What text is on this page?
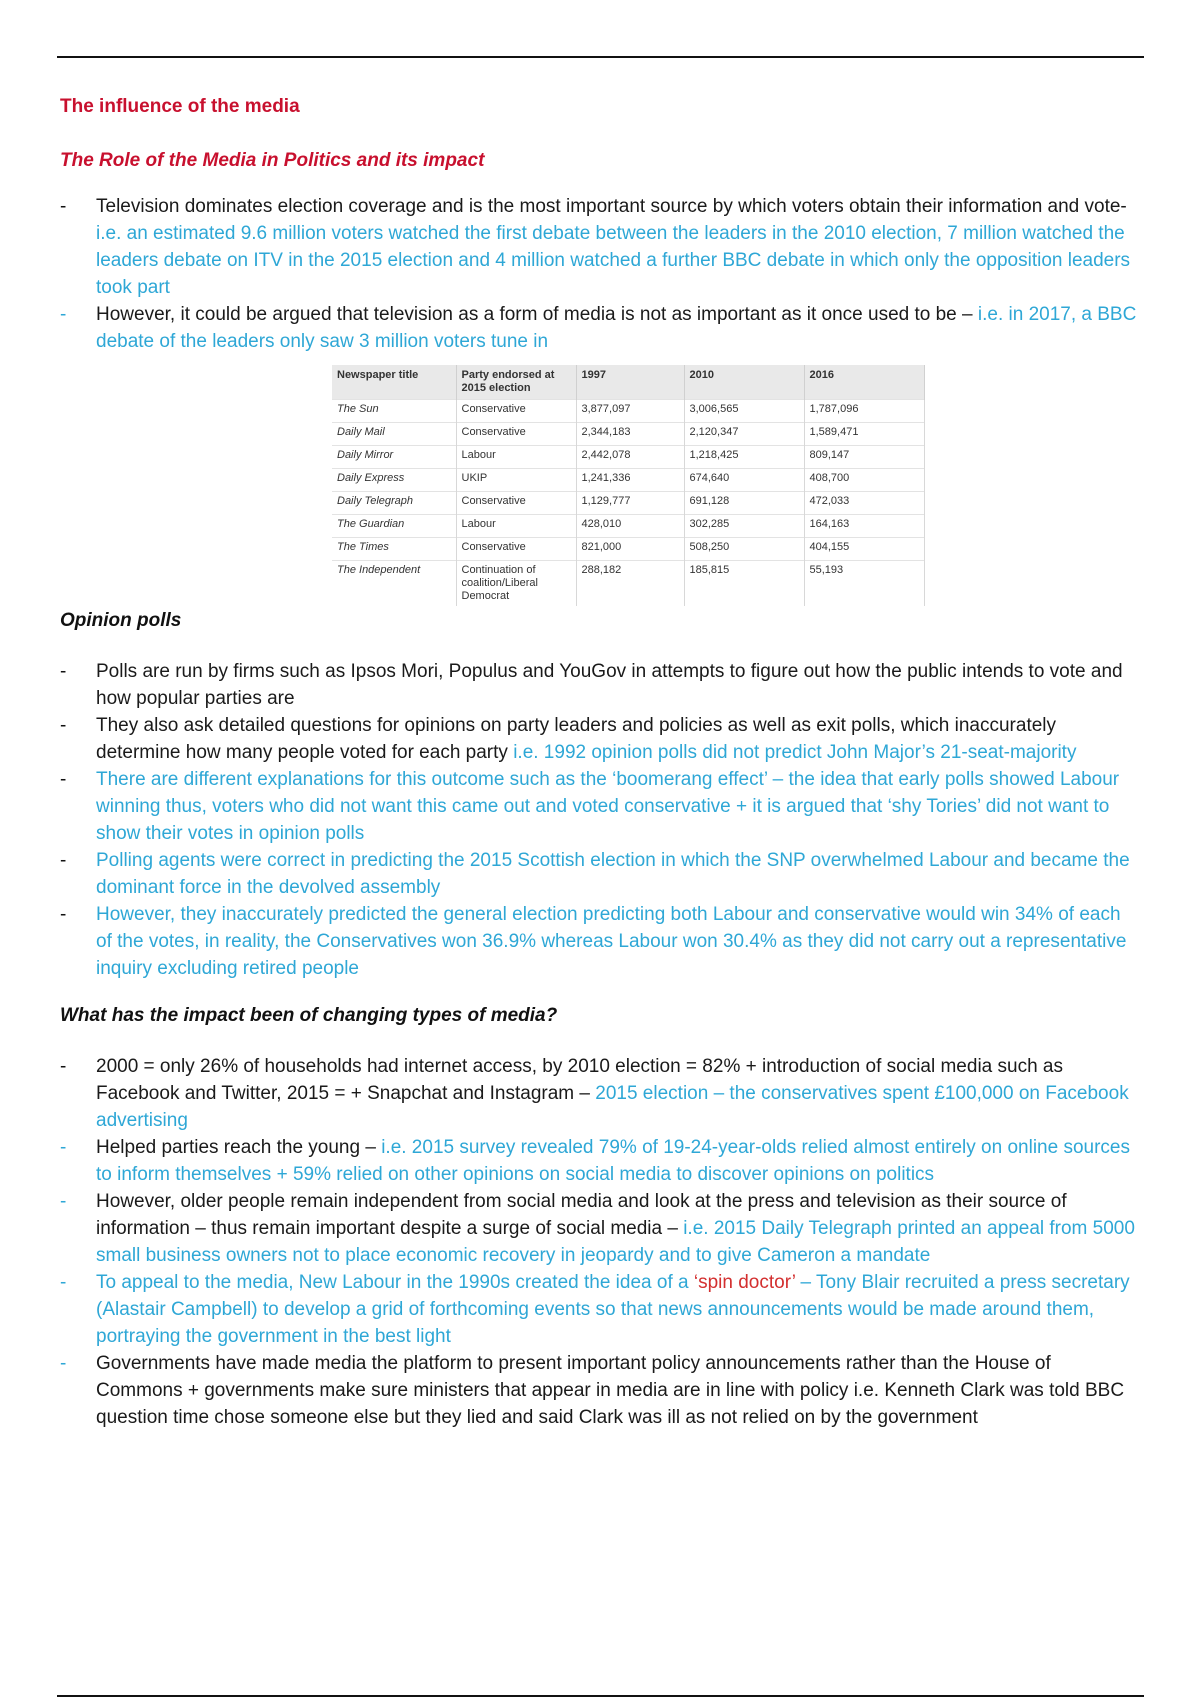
The influence of the media

The Role of the Media in Politics and its impact

- Television dominates election coverage and is the most important source by which voters obtain their information and vote- i.e. an estimated 9.6 million voters watched the first debate between the leaders in the 2010 election, 7 million watched the leaders debate on ITV in the 2015 election and 4 million watched a further BBC debate in which only the opposition leaders took part
- However, it could be argued that television as a form of media is not as important as it once used to be – i.e. in 2017, a BBC debate of the leaders only saw 3 million voters tune in
Newspaper title	Party endorsed at 2015 election	1997	2010	2016
The Sun	Conservative	3,877,097	3,006,565	1,787,096
Daily Mail	Conservative	2,344,183	2,120,347	1,589,471
Daily Mirror	Labour	2,442,078	1,218,425	809,147
Daily Express	UKIP	1,241,336	674,640	408,700
Daily Telegraph	Conservative	1,129,777	691,128	472,033
The Guardian	Labour	428,010	302,285	164,163
The Times	Conservative	821,000	508,250	404,155
The Independent	Continuation of coalition/Liberal Democrat	288,182	185,815	55,193

Opinion polls

- Polls are run by firms such as Ipsos Mori, Populus and YouGov in attempts to figure out how the public intends to vote and how popular parties are
- They also ask detailed questions for opinions on party leaders and policies as well as exit polls, which inaccurately determine how many people voted for each party i.e. 1992 opinion polls did not predict John Major’s 21-seat-majority
- There are different explanations for this outcome such as the ‘boomerang effect’ – the idea that early polls showed Labour winning thus, voters who did not want this came out and voted conservative + it is argued that ‘shy Tories’ did not want to show their votes in opinion polls
- Polling agents were correct in predicting the 2015 Scottish election in which the SNP overwhelmed Labour and became the dominant force in the devolved assembly
- However, they inaccurately predicted the general election predicting both Labour and conservative would win 34% of each of the votes, in reality, the Conservatives won 36.9% whereas Labour won 30.4% as they did not carry out a representative inquiry excluding retired people

What has the impact been of changing types of media?

- 2000 = only 26% of households had internet access, by 2010 election = 82% + introduction of social media such as Facebook and Twitter, 2015 = + Snapchat and Instagram – 2015 election – the conservatives spent £100,000 on Facebook advertising
- Helped parties reach the young – i.e. 2015 survey revealed 79% of 19-24-year-olds relied almost entirely on online sources to inform themselves + 59% relied on other opinions on social media to discover opinions on politics
- However, older people remain independent from social media and look at the press and television as their source of information – thus remain important despite a surge of social media – i.e. 2015 Daily Telegraph printed an appeal from 5000 small business owners not to place economic recovery in jeopardy and to give Cameron a mandate
- To appeal to the media, New Labour in the 1990s created the idea of a ‘spin doctor’ – Tony Blair recruited a press secretary (Alastair Campbell) to develop a grid of forthcoming events so that news announcements would be made around them, portraying the government in the best light
- Governments have made media the platform to present important policy announcements rather than the House of Commons + governments make sure ministers that appear in media are in line with policy i.e. Kenneth Clark was told BBC question time chose someone else but they lied and said Clark was ill as not relied on by the government
